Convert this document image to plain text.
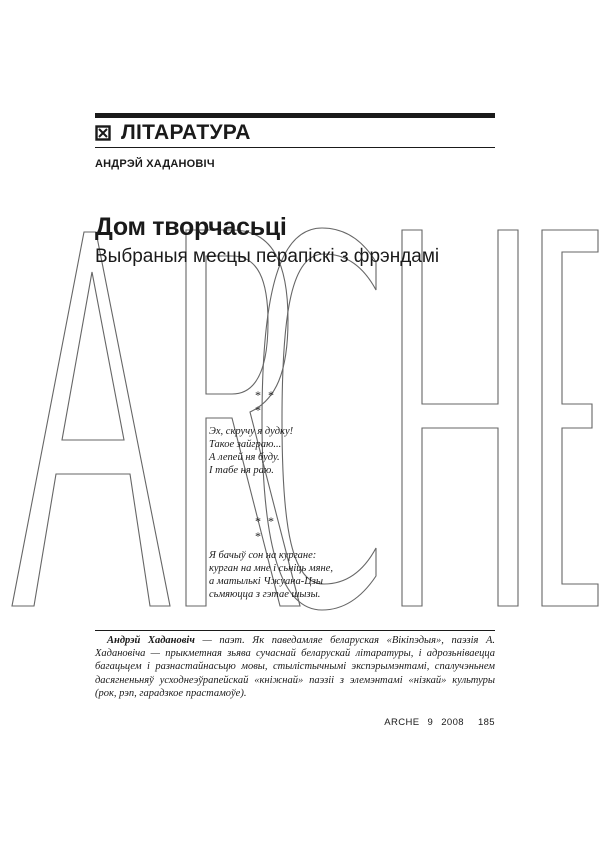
ЛІТАРАТУРА
АНДРЭЙ ХАДАНОВІЧ
Дом творчасьці
Выбраныя месцы перапіскі з фрэндамі
* * *
Эх, скручу я дудку!
Такое зайграю...
А лепей ня буду.
І табе ня раю.
* * *
Я бачыў сон на кургане:
курган на мне і сьніць мяне,
а матылькі Чжуана-Цзы
сьмяюцца з гэтае шызы.
Андрэй Хадановіч — паэт. Як паведамляе беларуская «Вікіпэдыя», паэзія А. Хадановіча — прыкметная зьява сучаснай беларускай літаратуры, і адрозьніваецца багацьцем і разнастайнасьцю мовы, стылістычнымі экспэрымэнтамі, спалучэньнем дасягненьняў усходнеэўрапейскай «кніжнай» паэзіі з элемэнтамі «нізкай» культуры (рок, рэп, гарадзкое прастамоўе).
ARCHE 9 2008 185
